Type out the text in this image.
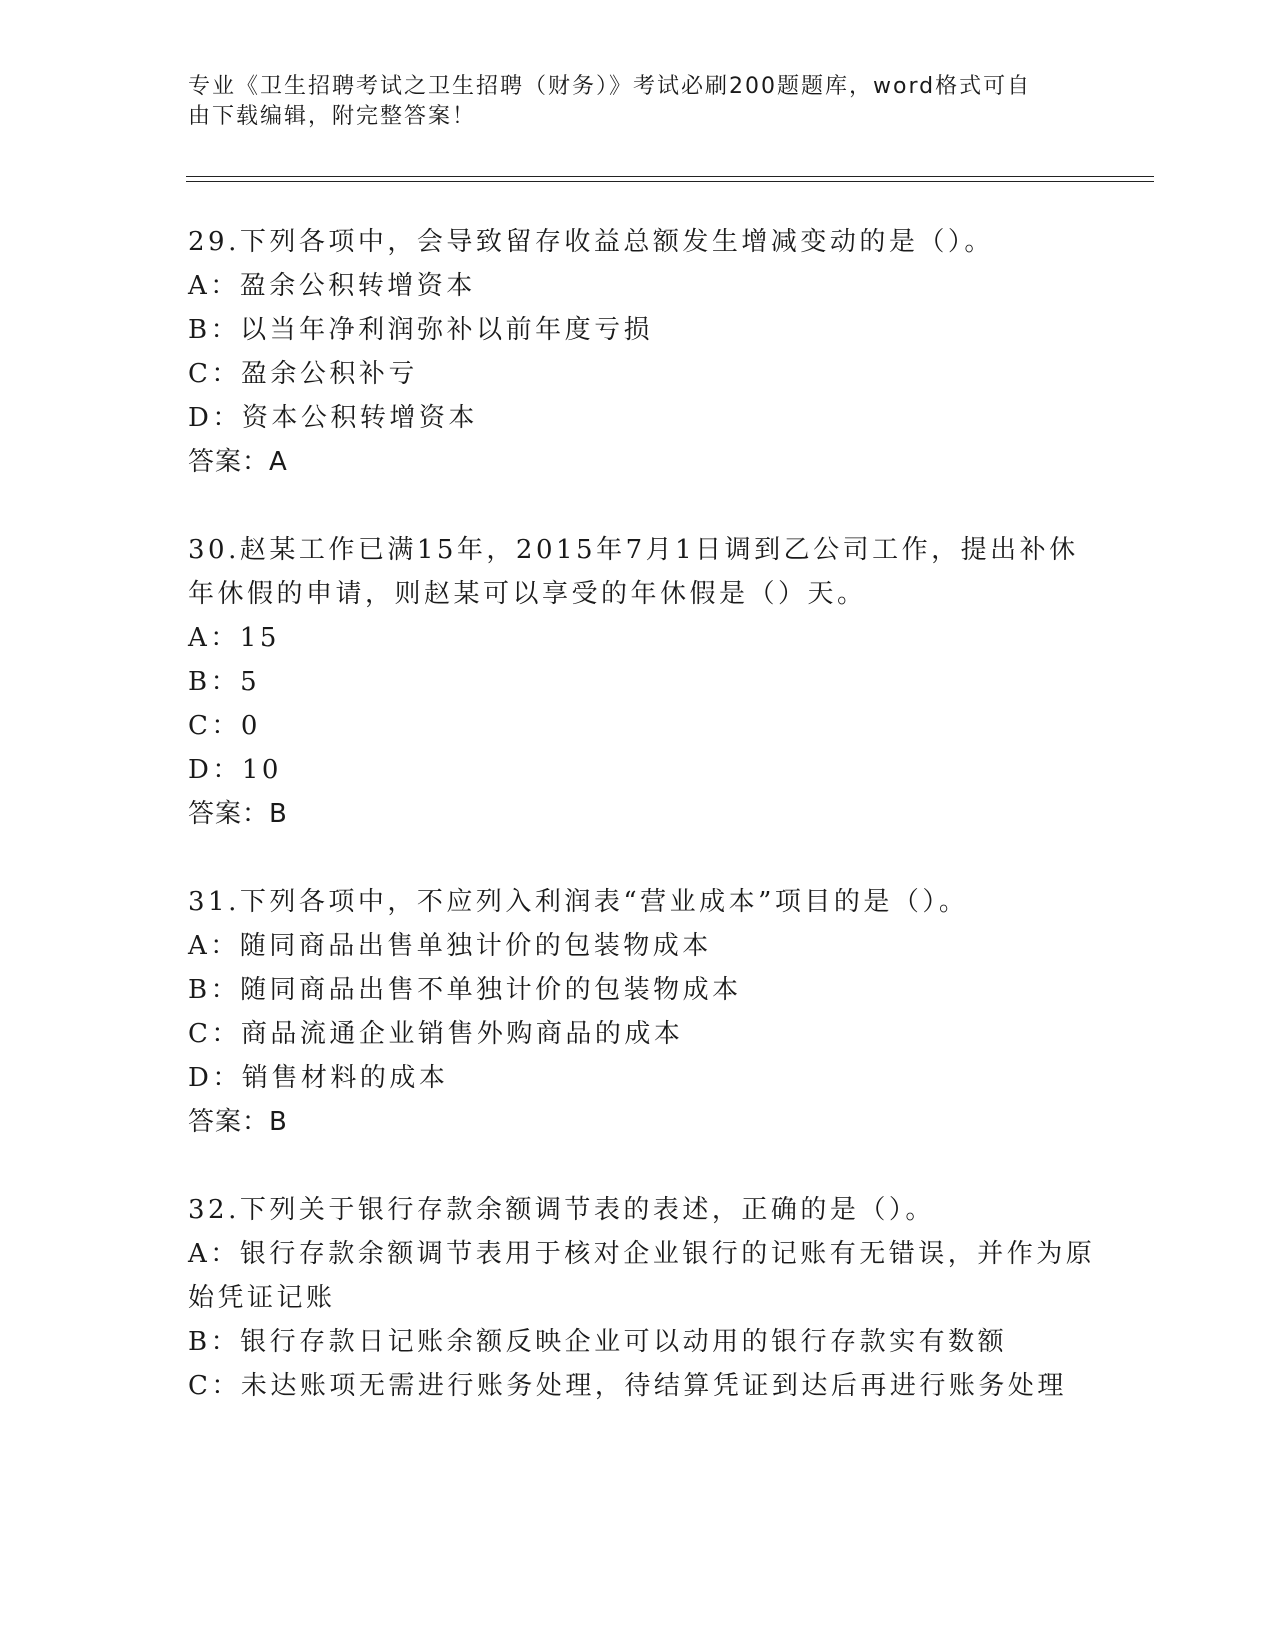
专业《卫生招聘考试之卫生招聘（财务）》考试必刷200题题库，word格式可自
由下载编辑，附完整答案！
29.下列各项中，会导致留存收益总额发生增减变动的是（）。
A：盈余公积转增资本
B：以当年净利润弥补以前年度亏损
C：盈余公积补亏
D：资本公积转增资本
答案：A
30.赵某工作已满15年，2015年7月1日调到乙公司工作，提出补休
年休假的申请，则赵某可以享受的年休假是（）天。
A：15
B：5
C：0
D：10
答案：B
31.下列各项中，不应列入利润表“营业成本”项目的是（）。
A：随同商品出售单独计价的包装物成本
B：随同商品出售不单独计价的包装物成本
C：商品流通企业销售外购商品的成本
D：销售材料的成本
答案：B
32.下列关于银行存款余额调节表的表述，正确的是（）。
A：银行存款余额调节表用于核对企业银行的记账有无错误，并作为原
始凭证记账
B：银行存款日记账余额反映企业可以动用的银行存款实有数额
C：未达账项无需进行账务处理，待结算凭证到达后再进行账务处理
